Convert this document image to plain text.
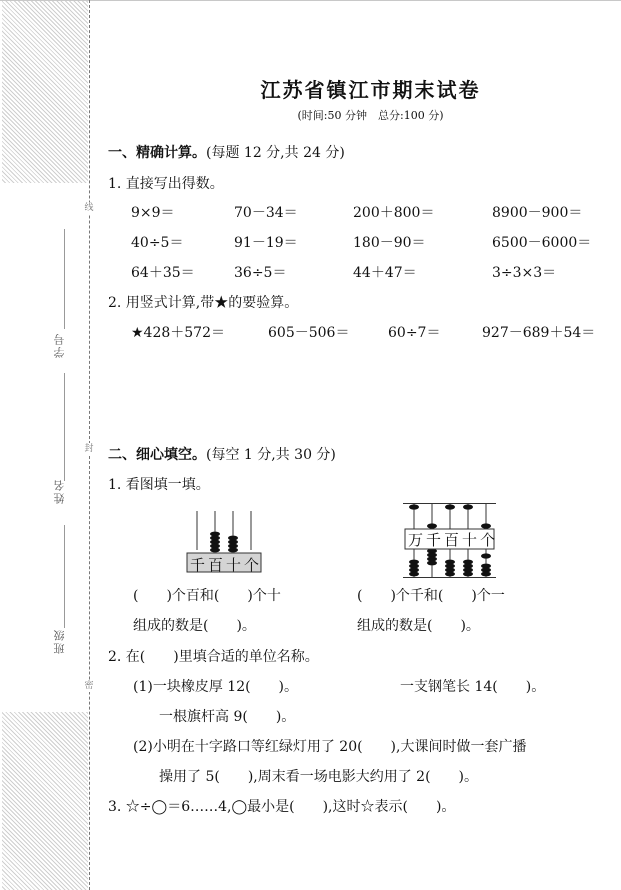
线
封
密
学号
姓名
班级
江苏省镇江市期末试卷
(时间:50 分钟　总分:100 分)
一、精确计算。(每题 12 分,共 24 分)
1. 直接写出得数。
9×9＝	70－34＝	200＋800＝	8900－900＝
40÷5＝	91－19＝	180－90＝	6500－6000＝
64＋35＝	36÷5＝	44＋47＝	3÷3×3＝
2. 用竖式计算,带★的要验算。
★428＋572＝	605－506＝	60÷7＝	927－689＋54＝
二、细心填空。(每空 1 分,共 30 分)
1. 看图填一填。
千百十个
万千百十个
(　　)个百和(　　)个十	(　　)个千和(　　)个一
组成的数是(　　)。	组成的数是(　　)。
2. 在(　　)里填合适的单位名称。
(1)一块橡皮厚 12(　　)。	一支钢笔长 14(　　)。
一根旗杆高 9(　　)。
(2)小明在十字路口等红绿灯用了 20(　　),大课间时做一套广播
操用了 5(　　),周末看一场电影大约用了 2(　　)。
3. ☆÷◯＝6……4,◯最小是(　　),这时☆表示(　　)。
